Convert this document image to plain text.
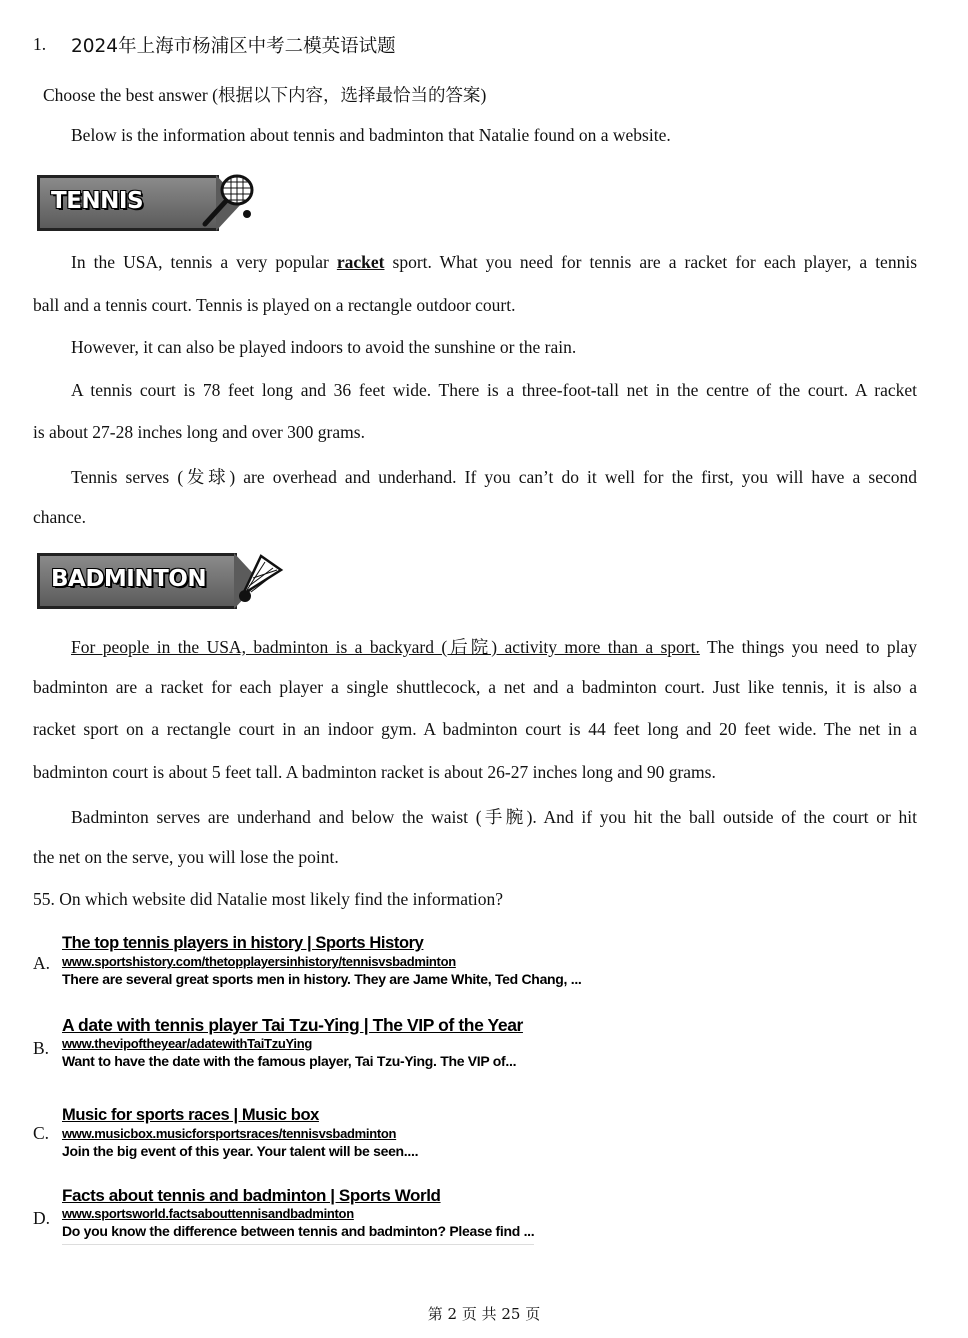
1. 2024年上海市杨浦区中考二模英语试题
Choose the best answer (根据以下内容，选择最恰当的答案)
Below is the information about tennis and badminton that Natalie found on a website.
TENNIS
In the USA, tennis a very popular racket sport. What you need for tennis are a racket for each player, a tennis
ball and a tennis court. Tennis is played on a rectangle outdoor court.
However, it can also be played indoors to avoid the sunshine or the rain.
A tennis court is 78 feet long and 36 feet wide. There is a three-foot-tall net in the centre of the court. A racket
is about 27-28 inches long and over 300 grams.
Tennis serves (发球) are overhead and underhand. If you can’t do it well for the first, you will have a second
chance.
BADMINTON
For people in the USA, badminton is a backyard (后院) activity more than a sport. The things you need to play
badminton are a racket for each player a single shuttlecock, a net and a badminton court. Just like tennis, it is also a
racket sport on a rectangle court in an indoor gym. A badminton court is 44 feet long and 20 feet wide. The net in a
badminton court is about 5 feet tall. A badminton racket is about 26-27 inches long and 90 grams.
Badminton serves are underhand and below the waist (手腕). And if you hit the ball outside of the court or hit
the net on the serve, you will lose the point.
55. On which website did Natalie most likely find the information?
A.
The top tennis players in history | Sports History
www.sportshistory.com/thetopplayersinhistory/tennisvsbadminton
There are several great sports men in history. They are Jame White, Ted Chang, ...
B.
A date with tennis player Tai Tzu-Ying | The VIP of the Year
www.thevipoftheyear/adatewithTaiTzuYing
Want to have the date with the famous player, Tai Tzu-Ying. The VIP of...
C.
Music for sports races | Music box
www.musicbox.musicforsportsraces/tennisvsbadminton
Join the big event of this year. Your talent will be seen....
D.
Facts about tennis and badminton | Sports World
www.sportsworld.factsabouttennisandbadminton
Do you know the difference between tennis and badminton? Please find ...
第 2 页 共 25 页
